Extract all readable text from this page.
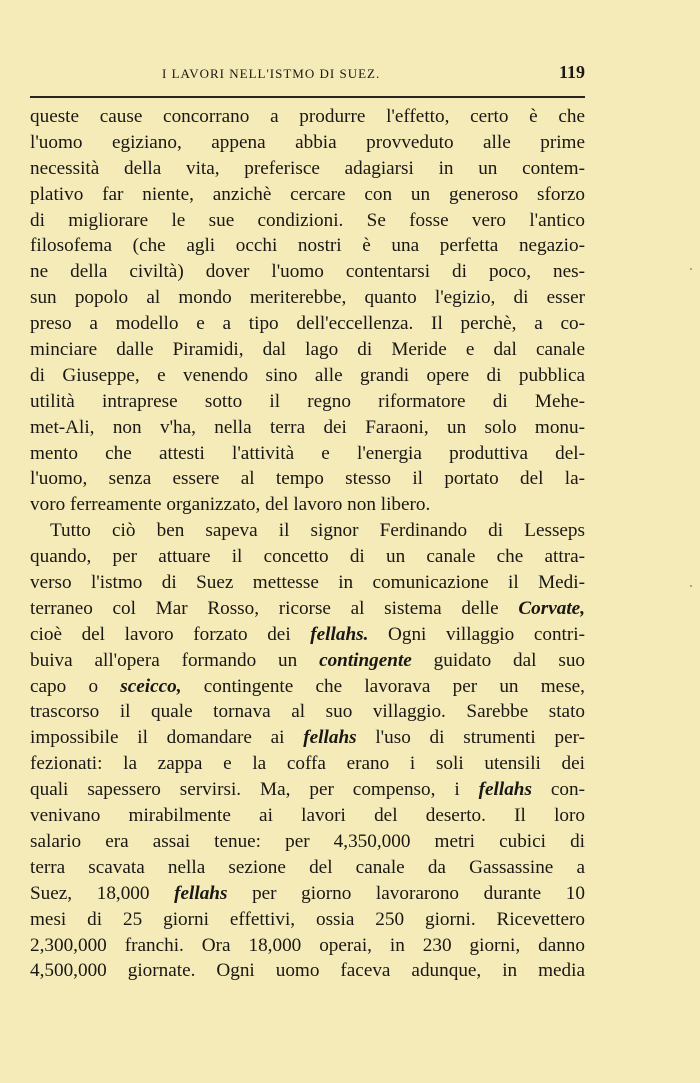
I LAVORI NELL'ISTMO DI SUEZ.	119
queste cause concorrano a produrre l'effetto, certo è che
l'uomo egiziano, appena abbia provveduto alle prime
necessità della vita, preferisce adagiarsi in un contem-
plativo far niente, anzichè cercare con un generoso sforzo
di migliorare le sue condizioni. Se fosse vero l'antico
filosofema (che agli occhi nostri è una perfetta negazio-
ne della civiltà) dover l'uomo contentarsi di poco, nes-
sun popolo al mondo meriterebbe, quanto l'egizio, di esser
preso a modello e a tipo dell'eccellenza. Il perchè, a co-
minciare dalle Piramidi, dal lago di Meride e dal canale
di Giuseppe, e venendo sino alle grandi opere di pubblica
utilità intraprese sotto il regno riformatore di Mehe-
met-Ali, non v'ha, nella terra dei Faraoni, un solo monu-
mento che attesti l'attività e l'energia produttiva del-
l'uomo, senza essere al tempo stesso il portato del la-
voro ferreamente organizzato, del lavoro non libero.
Tutto ciò ben sapeva il signor Ferdinando di Lesseps
quando, per attuare il concetto di un canale che attra-
verso l'istmo di Suez mettesse in comunicazione il Medi-
terraneo col Mar Rosso, ricorse al sistema delle Corvate,
cioè del lavoro forzato dei fellahs. Ogni villaggio contri-
buiva all'opera formando un contingente guidato dal suo
capo o sceicco, contingente che lavorava per un mese,
trascorso il quale tornava al suo villaggio. Sarebbe stato
impossibile il domandare ai fellahs l'uso di strumenti per-
fezionati: la zappa e la coffa erano i soli utensili dei
quali sapessero servirsi. Ma, per compenso, i fellahs con-
venivano mirabilmente ai lavori del deserto. Il loro
salario era assai tenue: per 4,350,000 metri cubici di
terra scavata nella sezione del canale da Gassassine a
Suez, 18,000 fellahs per giorno lavorarono durante 10
mesi di 25 giorni effettivi, ossia 250 giorni. Ricevettero
2,300,000 franchi. Ora 18,000 operai, in 230 giorni, danno
4,500,000 giornate. Ogni uomo faceva adunque, in media
